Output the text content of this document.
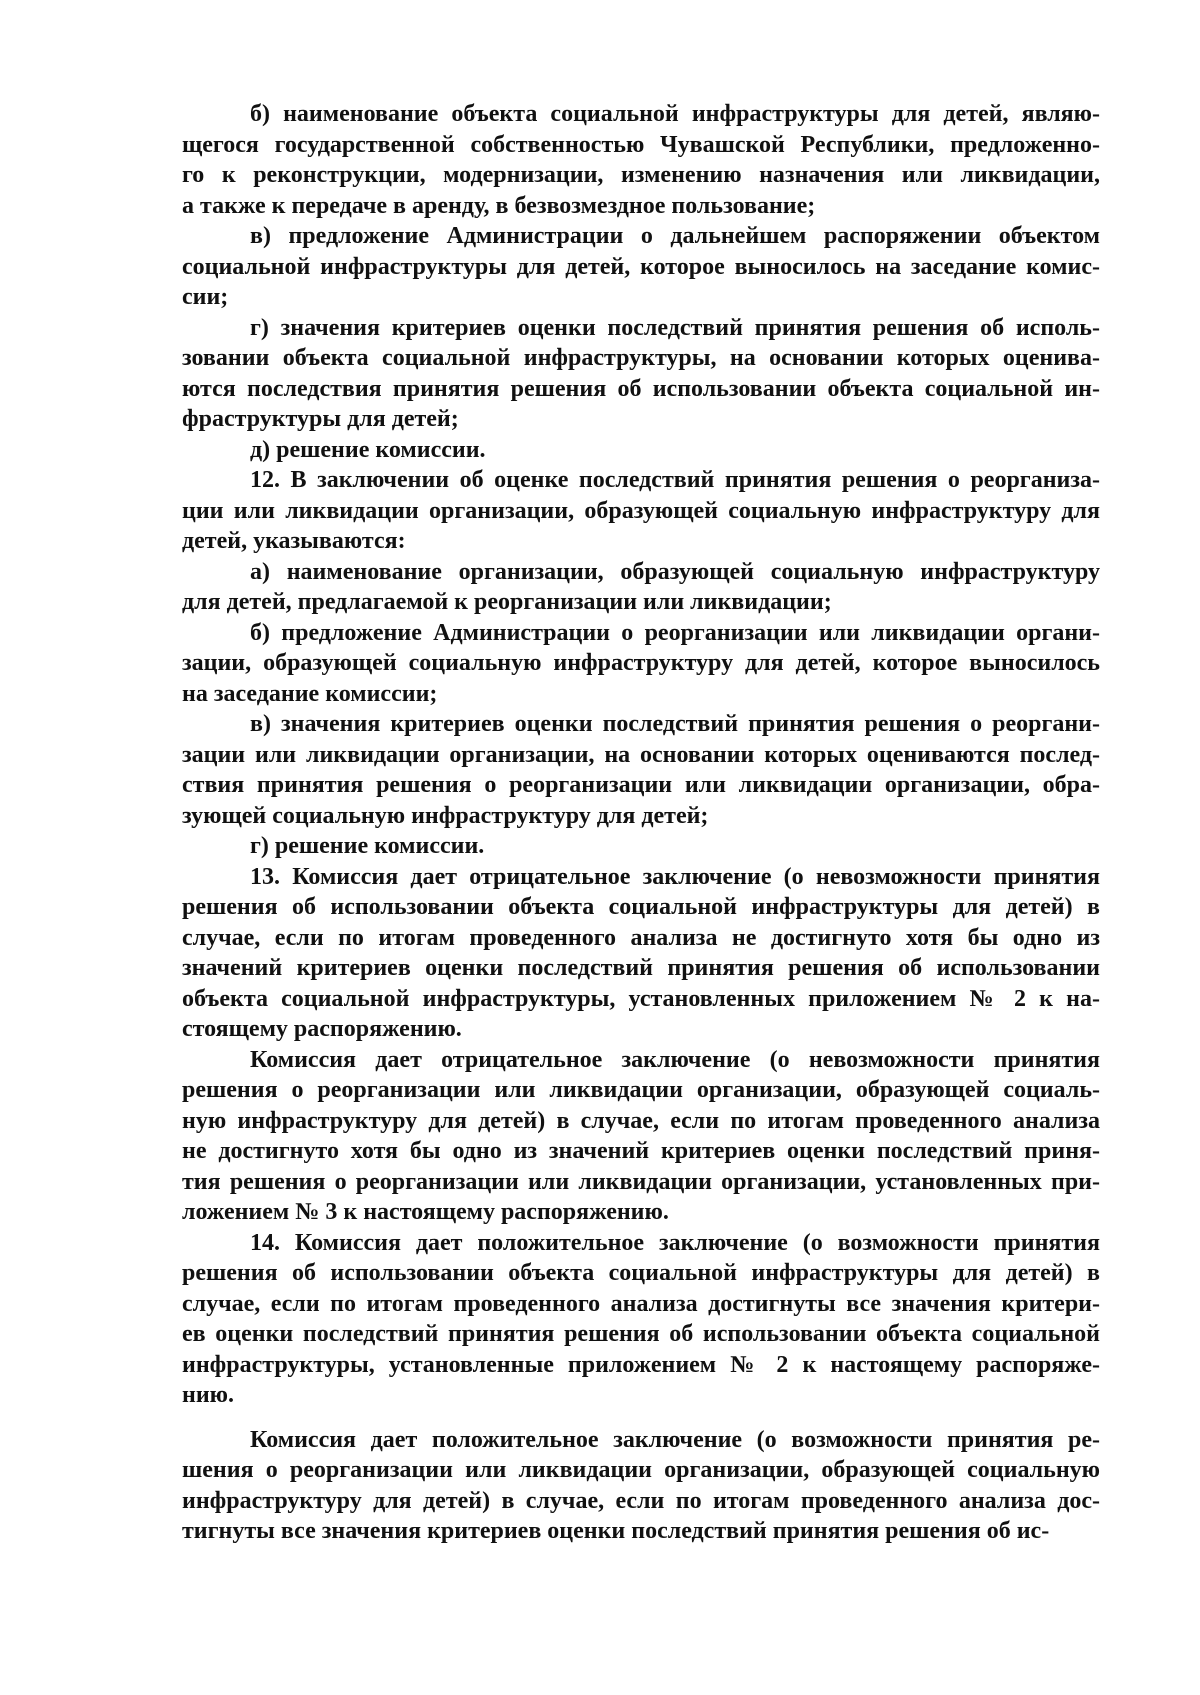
б) наименование объекта социальной инфраструктуры для детей, являю-
щегося государственной собственностью Чувашской Республики, предложенно-
го к реконструкции, модернизации, изменению назначения или ликвидации,
а также к передаче в аренду, в безвозмездное пользование;
в) предложение Администрации о дальнейшем распоряжении объектом
социальной инфраструктуры для детей, которое выносилось на заседание комис-
сии;
г) значения критериев оценки последствий принятия решения об исполь-
зовании объекта социальной инфраструктуры, на основании которых оценива-
ются последствия принятия решения об использовании объекта социальной ин-
фраструктуры для детей;
д) решение комиссии.
12. В заключении об оценке последствий принятия решения о реорганиза-
ции или ликвидации организации, образующей социальную инфраструктуру для
детей, указываются:
а) наименование организации, образующей социальную инфраструктуру
для детей, предлагаемой к реорганизации или ликвидации;
б) предложение Администрации о реорганизации или ликвидации органи-
зации, образующей социальную инфраструктуру для детей, которое выносилось
на заседание комиссии;
в) значения критериев оценки последствий принятия решения о реоргани-
зации или ликвидации организации, на основании которых оцениваются послед-
ствия принятия решения о реорганизации или ликвидации организации, обра-
зующей социальную инфраструктуру для детей;
г) решение комиссии.
13. Комиссия дает отрицательное заключение (о невозможности принятия
решения об использовании объекта социальной инфраструктуры для детей) в
случае, если по итогам проведенного анализа не достигнуто хотя бы одно из
значений критериев оценки последствий принятия решения об использовании
объекта социальной инфраструктуры, установленных приложением № 2 к на-
стоящему распоряжению.
Комиссия дает отрицательное заключение (о невозможности принятия
решения о реорганизации или ликвидации организации, образующей социаль-
ную инфраструктуру для детей) в случае, если по итогам проведенного анализа
не достигнуто хотя бы одно из значений критериев оценки последствий приня-
тия решения о реорганизации или ликвидации организации, установленных при-
ложением № 3 к настоящему распоряжению.
14. Комиссия дает положительное заключение (о возможности принятия
решения об использовании объекта социальной инфраструктуры для детей) в
случае, если по итогам проведенного анализа достигнуты все значения критери-
ев оценки последствий принятия решения об использовании объекта социальной
инфраструктуры, установленные приложением № 2 к настоящему распоряже-
нию.
Комиссия дает положительное заключение (о возможности принятия ре-
шения о реорганизации или ликвидации организации, образующей социальную
инфраструктуру для детей) в случае, если по итогам проведенного анализа дос-
тигнуты все значения критериев оценки последствий принятия решения об ис-
